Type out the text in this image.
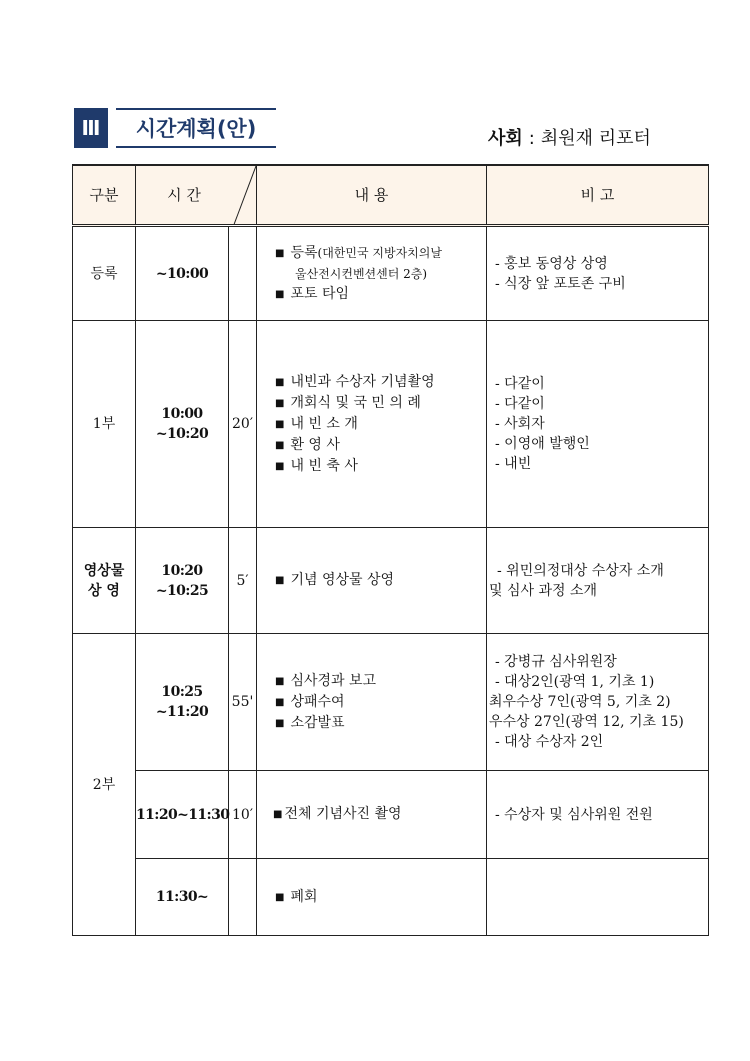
Ⅲ	시간계획(안)	사회 : 최원재 리포터
구분	시 간		내 용	비 고
등록	~10:00		■ 등록(대한민국 지방자치의날
울산전시컨벤션센터 2층)
■ 포토 타임	- 홍보 동영상 상영
- 식장 앞 포토존 구비

1부	10:00 ~10:20	20′	■ 내빈과 수상자 기념촬영
■ 개회식 및 국 민 의 례
■ 내 빈 소 개
■ 환 영 사
■ 내 빈 축 사	- 다같이
- 다같이
- 사회자
- 이영애 발행인
- 내빈

영상물
상 영	10:20 ~10:25	5′	■ 기념 영상물 상영	- 위민의정대상 수상자 소개
및 심사 과정 소개

2부	10:25 ~11:20	55'	■ 심사경과 보고
■ 상패수여
■ 소감발표	- 강병규 심사위원장
- 대상2인(광역 1, 기초 1)
최우수상 7인(광역 5, 기초 2)
우수상 27인(광역 12, 기초 15)
- 대상 수상자 2인

	11:20~11:30	10′	■ 전체 기념사진 촬영	- 수상자 및 심사위원 전원

	11:30~		■ 폐회	
